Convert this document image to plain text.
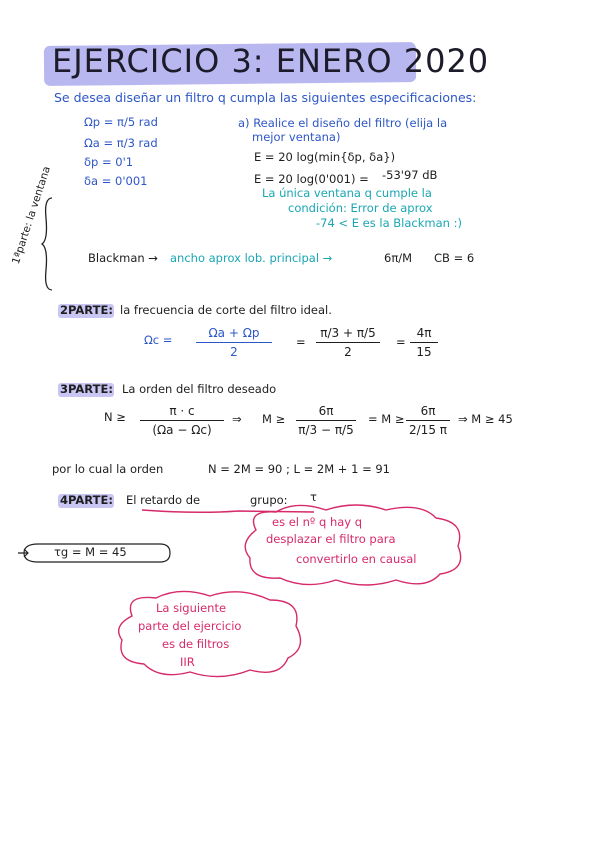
EJERCICIO 3: ENERO 2020
Se desea diseñar un filtro q cumpla las siguientes especificaciones:
Ωp = π/5 rad
Ωa = π/3 rad
δp = 0'1
δa = 0'001
a) Realice el diseño del filtro (elija la
mejor ventana)
E = 20 log(min{δp, δa})
E = 20 log(0'001) = -53'97 dB
La única ventana q cumple la
condición: Error de aprox
-74 < E es la Blackman :)
1ªparte: la ventana	Blackman → ancho aprox lob. principal →	6π/M CB = 6
2PARTE: la frecuencia de corte del filtro ideal.
Ωc =	Ωa + Ωp
2
=
π/3 + π/5
2
=
4π
15
3PARTE: La orden del filtro deseado
N ≥	π · c
(Ωa − Ωc)
⇒ M ≥
6π
π/3 − π/5
= M ≥
6π
2/15 π
⇒ M ≥ 45
por lo cual la orden	N = 2M = 90 ; L = 2M + 1 = 91
4PARTE: El retardo de	grupo: τ
τg = M = 45
es el nº q hay q
desplazar el filtro para
convertirlo en causal
La siguiente
parte del ejercicio
es de filtros
IIR
